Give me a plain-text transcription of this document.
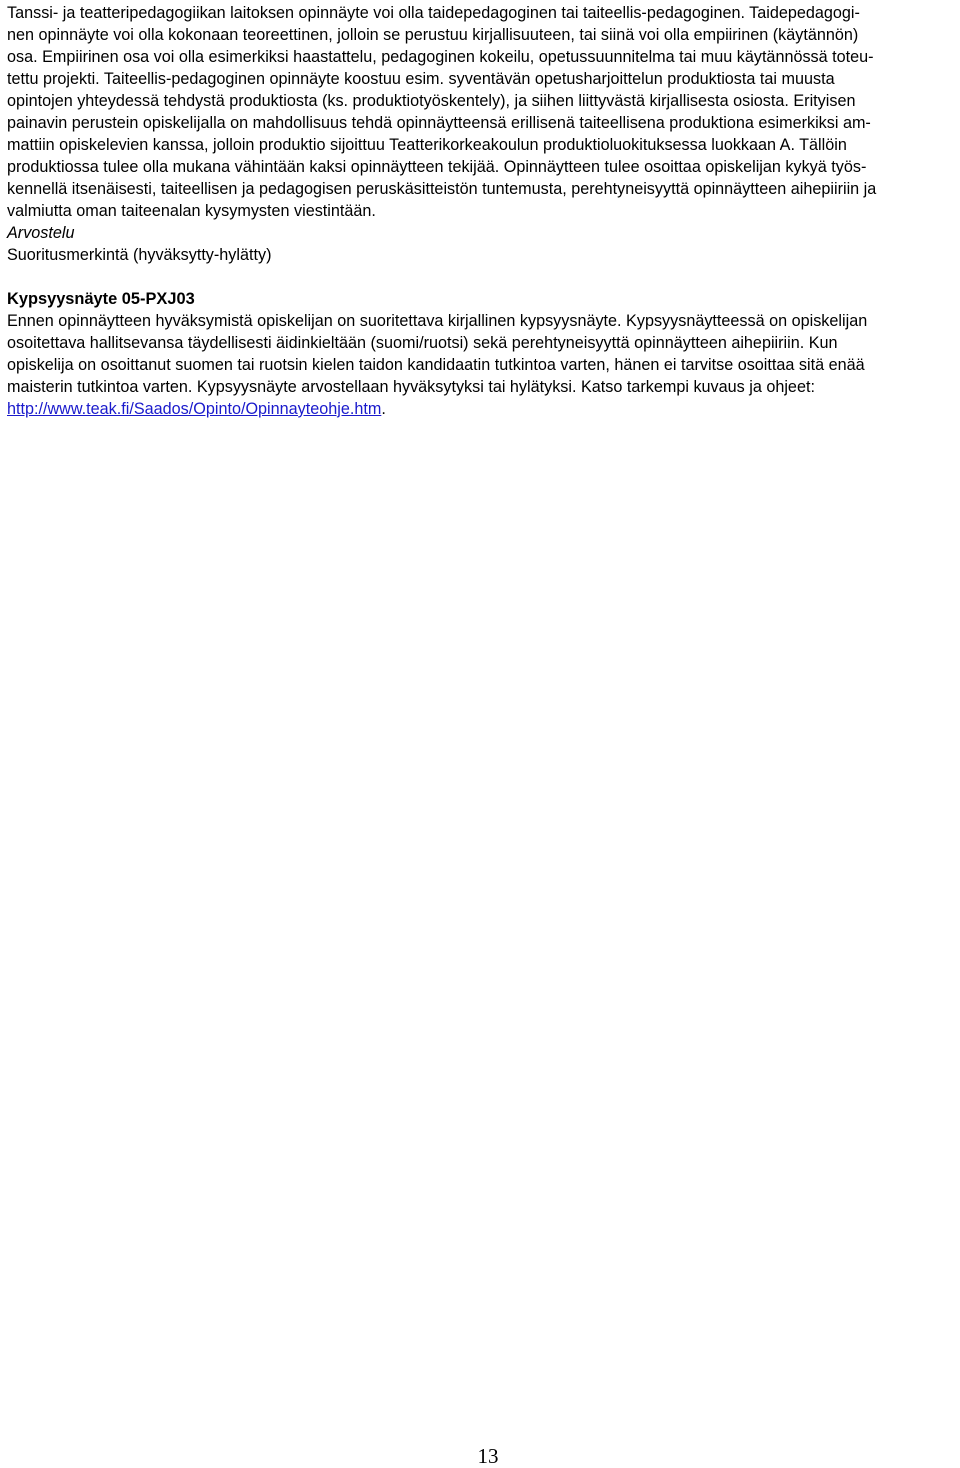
Tanssi- ja teatteripedagogiikan laitoksen opinnäyte voi olla taidepedagoginen tai taiteellis-pedagoginen. Taidepedagogi-
nen opinnäyte voi olla kokonaan teoreettinen, jolloin se perustuu kirjallisuuteen, tai siinä voi olla empiirinen (käytännön)
osa. Empiirinen osa voi olla esimerkiksi haastattelu, pedagoginen kokeilu, opetussuunnitelma tai muu käytännössä toteu-
tettu projekti. Taiteellis-pedagoginen opinnäyte koostuu esim. syventävän opetusharjoittelun produktiosta tai muusta
opintojen yhteydessä tehdystä produktiosta (ks. produktiotyöskentely), ja siihen liittyvästä kirjallisesta osiosta. Erityisen
painavin perustein opiskelijalla on mahdollisuus tehdä opinnäytteensä erillisenä taiteellisena produktiona esimerkiksi am-
mattiin opiskelevien kanssa, jolloin produktio sijoittuu Teatterikorkeakoulun produktioluokituksessa luokkaan A. Tällöin
produktiossa tulee olla mukana vähintään kaksi opinnäytteen tekijää. Opinnäytteen tulee osoittaa opiskelijan kykyä työs-
kennellä itsenäisesti, taiteellisen ja pedagogisen peruskäsitteistön tuntemusta, perehtyneisyyttä opinnäytteen aihepiiriin ja
valmiutta oman taiteenalan kysymysten viestintään.
Arvostelu
Suoritusmerkintä (hyväksytty-hylätty)
Kypsyysnäyte 05-PXJ03
Ennen opinnäytteen hyväksymistä opiskelijan on suoritettava kirjallinen kypsyysnäyte. Kypsyysnäytteessä on opiskelijan
osoitettava hallitsevansa täydellisesti äidinkieltään (suomi/ruotsi) sekä perehtyneisyyttä opinnäytteen aihepiiriin. Kun
opiskelija on osoittanut suomen tai ruotsin kielen taidon kandidaatin tutkintoa varten, hänen ei tarvitse osoittaa sitä enää
maisterin tutkintoa varten. Kypsyysnäyte arvostellaan hyväksytyksi tai hylätyksi. Katso tarkempi kuvaus ja ohjeet:
http://www.teak.fi/Saados/Opinto/Opinnayteohje.htm.
13
